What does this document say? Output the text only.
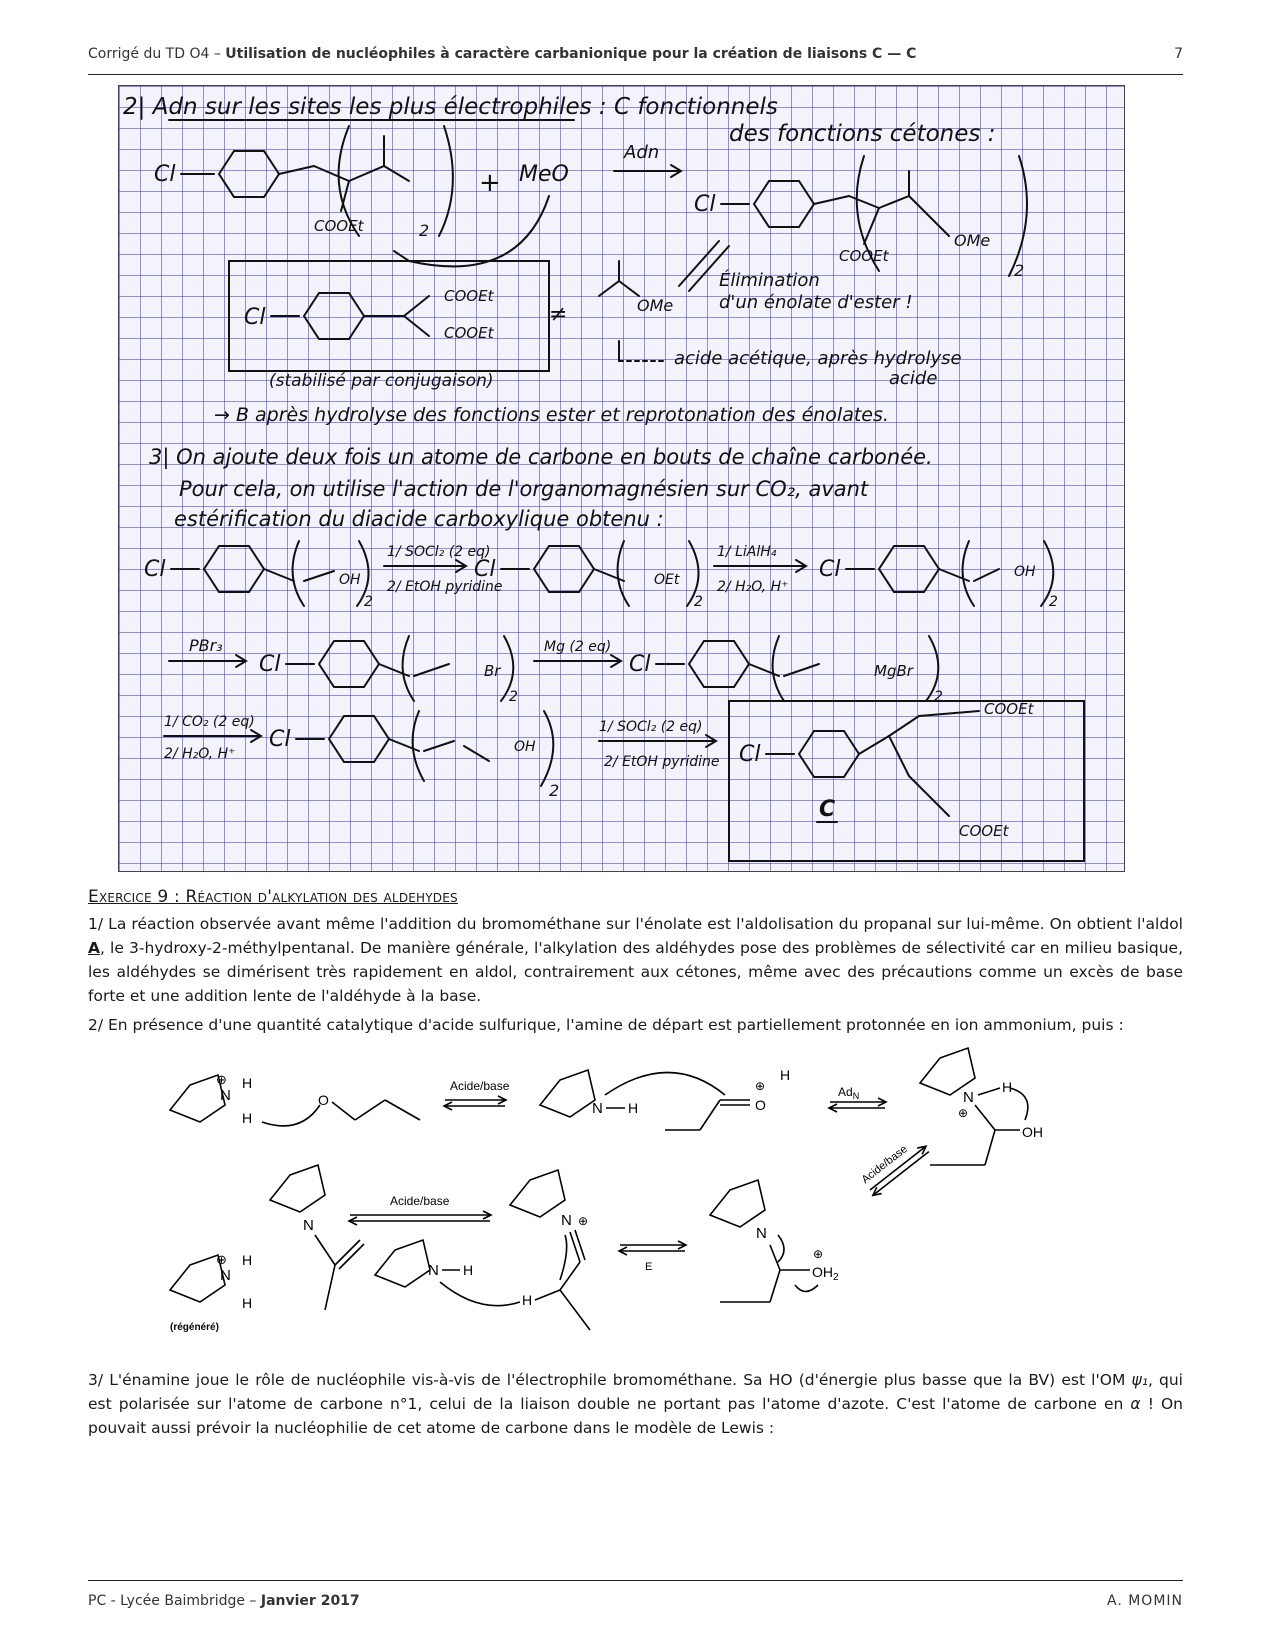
Corrigé du TD O4 – Utilisation de nucléophiles à caractère carbanionique pour la création de liaisons C — C	7
2| Adn sur les sites les plus électrophiles : C fonctionnels
des fonctions cétones :
Cl
COOEt	2
+ MeO
Adn
Cl
OMe
COOEt
2
Élimination
d'un énolate d'ester !
Cl
COOEt
COOEt
≠
(stabilisé par conjugaison)
OMe
acide acétique, après hydrolyse
acide
→ B après hydrolyse des fonctions ester et reprotonation des énolates.
3| On ajoute deux fois un atome de carbone en bouts de chaîne carbonée.
Pour cela, on utilise l'action de l'organomagnésien sur CO₂, avant
estérification du diacide carboxylique obtenu :
Cl	OH
2
1/ SOCl₂ (2 eq)
2/ EtOH pyridine
Cl	OEt
2
1/ LiAlH₄
2/ H₂O, H⁺
Cl	OH
2
PBr₃
Cl	Br
2
Mg (2 eq)
Cl	MgBr
2
1/ CO₂ (2 eq)
2/ H₂O, H⁺
Cl	OH
2
1/ SOCl₂ (2 eq)
2/ EtOH pyridine Cl
COOEt
COOEt
C
Exercice 9 : Réaction d'alkylation des aldehydes
1/ La réaction observée avant même l'addition du bromométhane sur l'énolate est l'aldolisation du propanal sur lui-même. On obtient l'aldol A, le 3-hydroxy-2-méthylpentanal. De manière générale, l'alkylation des aldéhydes pose des problèmes de sélectivité car en milieu basique, les aldéhydes se dimérisent très rapidement en aldol, contrairement aux cétones, même avec des précautions comme un excès de base forte et une addition lente de l'aldéhyde à la base.
2/ En présence d'une quantité catalytique d'acide sulfurique, l'amine de départ est partiellement protonnée en ion ammonium, puis :
N
⊕ H
H
O
Acide/base
N H	O
⊕
H
$Ad_N$	N
⊕
H
OH
Acide/base
N
Acide/base
N
⊕ H
H
(régénéré)
N H
N ⊕
H
E
N
$OH_2$
⊕
3/ L'énamine joue le rôle de nucléophile vis-à-vis de l'électrophile bromométhane. Sa HO (d'énergie plus basse que la BV) est l'OM ψ₁, qui est polarisée sur l'atome de carbone n°1, celui de la liaison double ne portant pas l'atome d'azote. C'est l'atome de carbone en α ! On pouvait aussi prévoir la nucléophilie de cet atome de carbone dans le modèle de Lewis :
PC - Lycée Baimbridge – Janvier 2017	A. MOMIN
